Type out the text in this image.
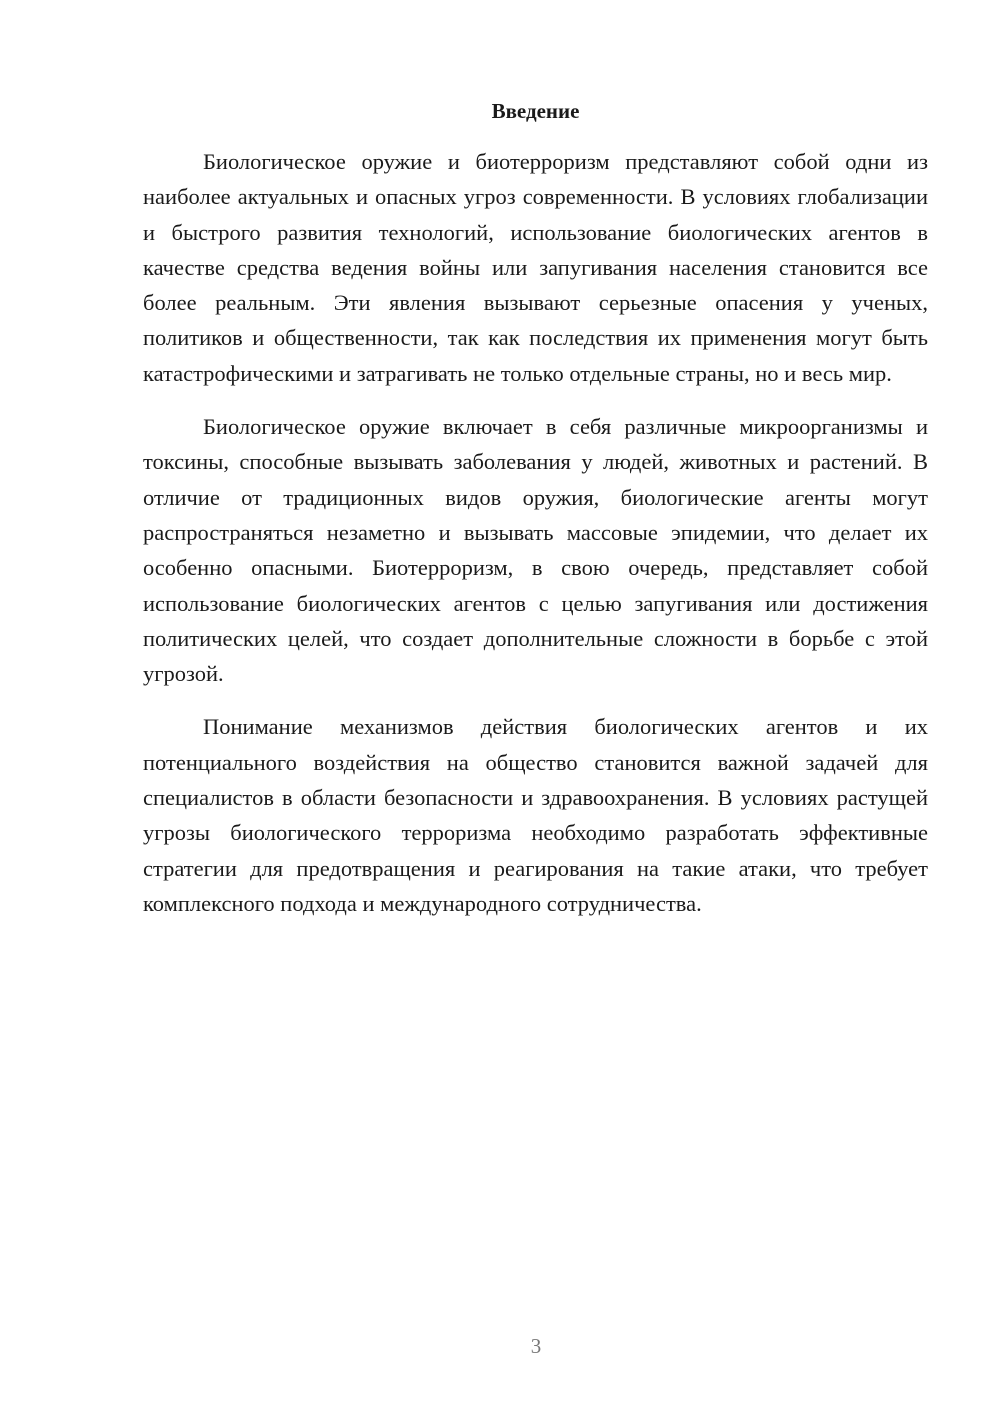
Введение

Биологическое оружие и биотерроризм представляют собой одни из наиболее актуальных и опасных угроз современности. В условиях глобализации и быстрого развития технологий, использование биологических агентов в качестве средства ведения войны или запугивания населения становится все более реальным. Эти явления вызывают серьезные опасения у ученых, политиков и общественности, так как последствия их применения могут быть катастрофическими и затрагивать не только отдельные страны, но и весь мир.

Биологическое оружие включает в себя различные микроорганизмы и токсины, способные вызывать заболевания у людей, животных и растений. В отличие от традиционных видов оружия, биологические агенты могут распространяться незаметно и вызывать массовые эпидемии, что делает их особенно опасными. Биотерроризм, в свою очередь, представляет собой использование биологических агентов с целью запугивания или достижения политических целей, что создает дополнительные сложности в борьбе с этой угрозой.

Понимание механизмов действия биологических агентов и их потенциального воздействия на общество становится важной задачей для специалистов в области безопасности и здравоохранения. В условиях растущей угрозы биологического терроризма необходимо разработать эффективные стратегии для предотвращения и реагирования на такие атаки, что требует комплексного подхода и международного сотрудничества.

3
